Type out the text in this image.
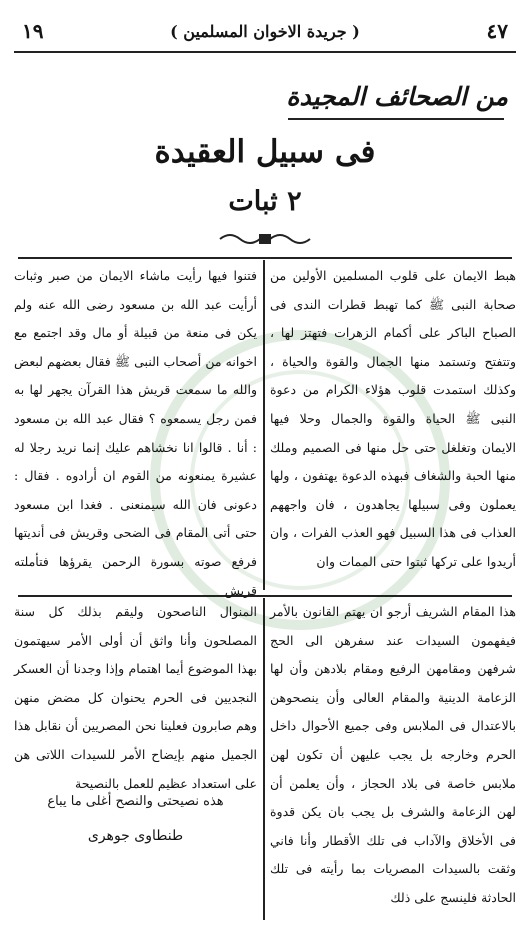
١٩	( جريدة الاخوان المسلمين )	٤٧
من الصحائف المجيدة
فى سبيل العقيدة
٢ ثبات

هبط الايمان على قلوب المسلمين الأولين من صحابة النبى ﷺ كما تهبط قطرات الندى فى الصباح الباكر على أكمام الزهرات فتهتز لها ، وتتفتح وتستمد منها الجمال والقوة والحياة ، وكذلك استمدت قلوب هؤلاء الكرام من دعوة النبى ﷺ الحياة والقوة والجمال وحلا فيها الايمان وتغلغل حتى حل منها فى الصميم وملك منها الحبة والشغاف فبهذه الدعوة يهتفون ، ولها يعملون وفى سبيلها يجاهدون ، فان واجههم العذاب فى هذا السبيل فهو العذب الفرات ، وان أريدوا على تركها ثبتوا حتى الممات وان

فتنوا فيها رأيت ماشاء الايمان من صبر وثبات أرأيت عبد الله بن مسعود رضى الله عنه ولم يكن فى منعة من قبيلة أو مال وقد اجتمع مع اخوانه من أصحاب النبى ﷺ فقال بعضهم لبعض والله ما سمعت قريش هذا القرآن يجهر لها به فمن رجل يسمعوه ؟ فقال عبد الله بن مسعود : أنا . قالوا انا نخشاهم عليك إنما نريد رجلا له عشيرة يمنعونه من القوم ان أرادوه . فقال : دعونى فان الله سيمنعنى . فغدا ابن مسعود حتى أتى المقام فى الضحى وقريش فى أنديتها فرفع صوته بسورة الرحمن يقرؤها فتأملته قريش

هذا المقام الشريف أرجو ان يهتم القانون بالأمر فيفهمون السيدات عند سفرهن الى الحج شرفهن ومقامهن الرفيع ومقام بلادهن وأن لها الزعامة الدينية والمقام العالى وأن ينصحوهن بالاعتدال فى الملابس وفى جميع الأحوال داخل الحرم وخارجه بل يجب عليهن أن تكون لهن ملابس خاصة فى بلاد الحجاز ، وأن يعلمن أن لهن الزعامة والشرف بل يجب بان يكن قدوة فى الأخلاق والآداب فى تلك الأقطار وأنا فاني وثقت بالسيدات المصريات بما رأيته فى تلك الحادثة فلينسج على ذلك

المنوال الناصحون وليقم بذلك كل سنة المصلحون وأنا واثق أن أولى الأمر سيهتمون بهذا الموضوع أيما اهتمام وإذا وجدنا أن العسكر النجديين فى الحرم يحنوان كل مضض منهن وهم صابرون فعلينا نحن المصريين أن نقابل هذا الجميل منهم بإيضاح الأمر للسيدات اللاتى هن على استعداد عظيم للعمل بالنصيحة

هذه نصيحتى والنصح أغلى ما يباع
طنطاوى جوهرى
